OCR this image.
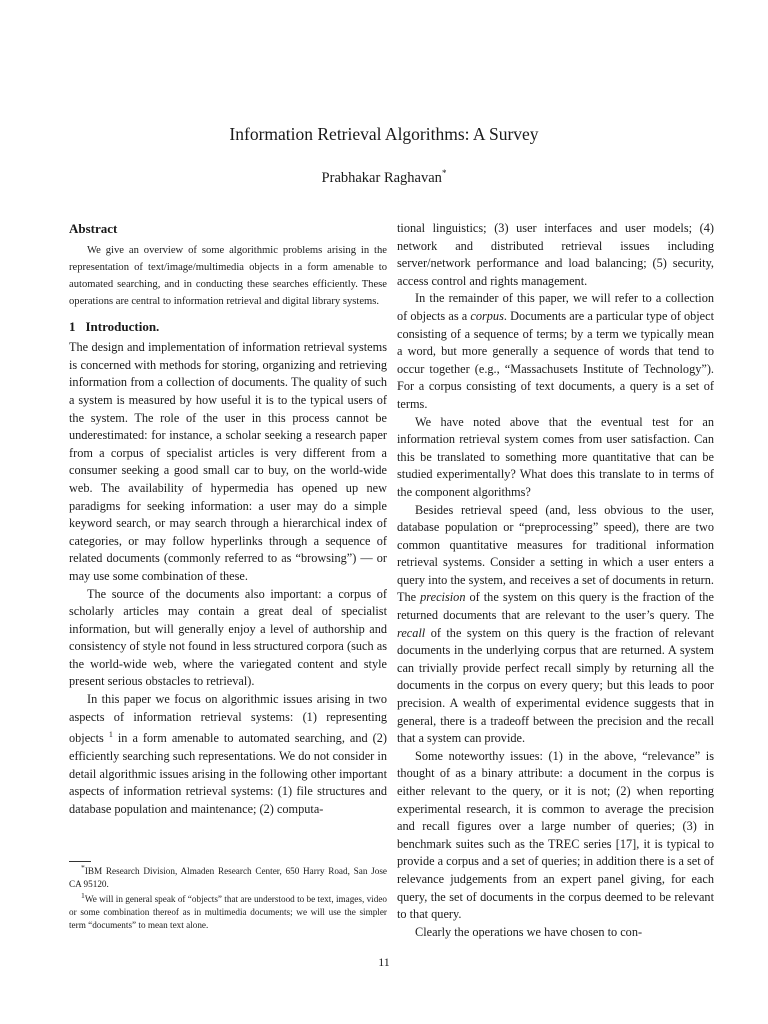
Information Retrieval Algorithms: A Survey
Prabhakar Raghavan*
Abstract

We give an overview of some algorithmic problems arising in the representation of text/image/multimedia objects in a form amenable to automated searching, and in conducting these searches efficiently. These operations are central to information retrieval and digital library systems.

1 Introduction.

The design and implementation of information retrieval systems is concerned with methods for storing, organizing and retrieving information from a collection of documents. The quality of such a system is measured by how useful it is to the typical users of the system. The role of the user in this process cannot be underestimated: for instance, a scholar seeking a research paper from a corpus of specialist articles is very different from a consumer seeking a good small car to buy, on the world-wide web. The availability of hypermedia has opened up new paradigms for seeking information: a user may do a simple keyword search, or may search through a hierarchical index of categories, or may follow hyperlinks through a sequence of related documents (commonly referred to as “browsing”) — or may use some combination of these.

The source of the documents also important: a corpus of scholarly articles may contain a great deal of specialist information, but will generally enjoy a level of authorship and consistency of style not found in less structured corpora (such as the world-wide web, where the variegated content and style present serious obstacles to retrieval).

In this paper we focus on algorithmic issues arising in two aspects of information retrieval systems: (1) representing objects $^1$ in a form amenable to automated searching, and (2) efficiently searching such representations. We do not consider in detail algorithmic issues arising in the following other important aspects of information retrieval systems: (1) file structures and database population and maintenance; (2) computa-

*IBM Research Division, Almaden Research Center, 650 Harry Road, San Jose CA 95120.

$^1$We will in general speak of “objects” that are understood to be text, images, video or some combination thereof as in multimedia documents; we will use the simpler term “documents” to mean text alone.

tional linguistics; (3) user interfaces and user models; (4) network and distributed retrieval issues including server/network performance and load balancing; (5) security, access control and rights management.

In the remainder of this paper, we will refer to a collection of objects as a corpus. Documents are a particular type of object consisting of a sequence of terms; by a term we typically mean a word, but more generally a sequence of words that tend to occur together (e.g., “Massachusets Institute of Technology”). For a corpus consisting of text documents, a query is a set of terms.

We have noted above that the eventual test for an information retrieval system comes from user satisfaction. Can this be translated to something more quantitative that can be studied experimentally? What does this translate to in terms of the component algorithms?

Besides retrieval speed (and, less obvious to the user, database population or “preprocessing” speed), there are two common quantitative measures for traditional information retrieval systems. Consider a setting in which a user enters a query into the system, and receives a set of documents in return. The precision of the system on this query is the fraction of the returned documents that are relevant to the user’s query. The recall of the system on this query is the fraction of relevant documents in the underlying corpus that are returned. A system can trivially provide perfect recall simply by returning all the documents in the corpus on every query; but this leads to poor precision. A wealth of experimental evidence suggests that in general, there is a tradeoff between the precision and the recall that a system can provide.

Some noteworthy issues: (1) in the above, “relevance” is thought of as a binary attribute: a document in the corpus is either relevant to the query, or it is not; (2) when reporting experimental research, it is common to average the precision and recall figures over a large number of queries; (3) in benchmark suites such as the TREC series [17], it is typical to provide a corpus and a set of queries; in addition there is a set of relevance judgements from an expert panel giving, for each query, the set of documents in the corpus deemed to be relevant to that query.

Clearly the operations we have chosen to con-

11
